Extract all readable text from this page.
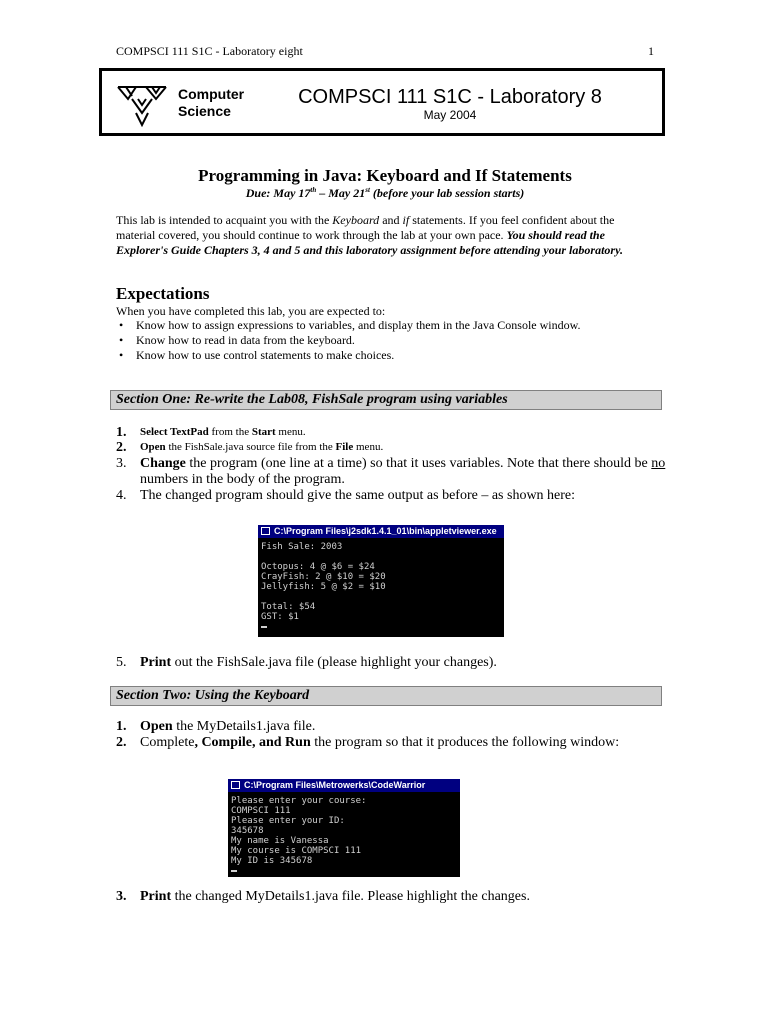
COMPSCI 111 S1C - Laboratory eight	1
Computer
Science
COMPSCI 111 S1C - Laboratory 8
May 2004
Programming in Java: Keyboard and If Statements
Due: May 17th – May 21st (before your lab session starts)
This lab is intended to acquaint you with the Keyboard and if statements. If you feel confident about the material covered, you should continue to work through the lab at your own pace. You should read the Explorer's Guide Chapters 3, 4 and 5 and this laboratory assignment before attending your laboratory.
Expectations
When you have completed this lab, you are expected to:
• Know how to assign expressions to variables, and display them in the Java Console window.
• Know how to read in data from the keyboard.
• Know how to use control statements to make choices.
Section One: Re-write the Lab08, FishSale program using variables
1. Select TextPad from the Start menu.
2. Open the FishSale.java source file from the File menu.
3. Change the program (one line at a time) so that it uses variables. Note that there should be no numbers in the body of the program.
4. The changed program should give the same output as before – as shown here:
C:\Program Files\j2sdk1.4.1_01\bin\appletviewer.exe
Fish Sale: 2003

Octopus: 4 @ $6 = $24
CrayFish: 2 @ $10 = $20
Jellyfish: 5 @ $2 = $10

Total: $54
GST: $1
5. Print out the FishSale.java file (please highlight your changes).
Section Two: Using the Keyboard
1. Open the MyDetails1.java file.
2. Complete, Compile, and Run the program so that it produces the following window:
C:\Program Files\Metrowerks\CodeWarrior
Please enter your course:
COMPSCI 111
Please enter your ID:
345678
My name is Vanessa
My course is COMPSCI 111
My ID is 345678
3. Print the changed MyDetails1.java file. Please highlight the changes.
